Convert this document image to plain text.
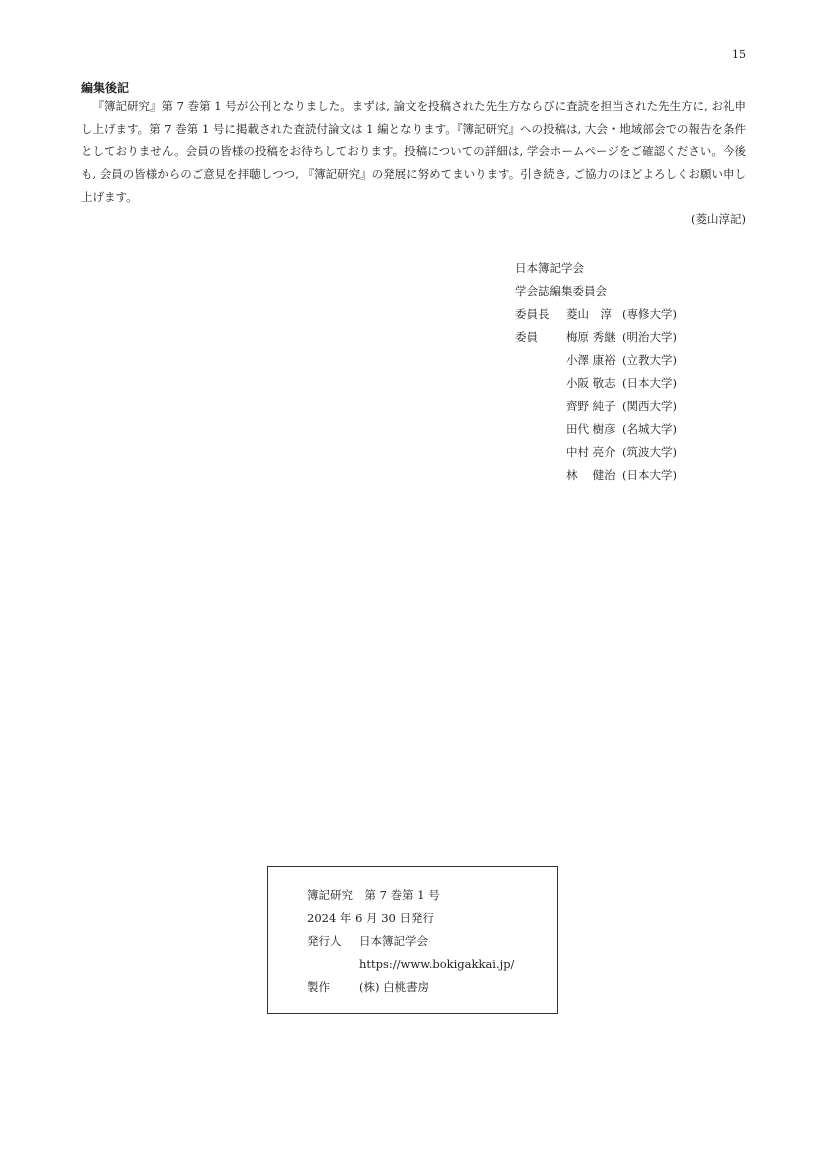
15
編集後記

『簿記研究』第 7 巻第 1 号が公刊となりました。まずは, 論文を投稿された先生方ならびに査読を担当された先生方に, お礼申し上げます。第 7 巻第 1 号に掲載された査読付論文は 1 編となります。『簿記研究』への投稿は, 大会・地域部会での報告を条件としておりません。会員の皆様の投稿をお待ちしております。投稿についての詳細は, 学会ホームページをご確認ください。今後も, 会員の皆様からのご意見を拝聴しつつ, 『簿記研究』の発展に努めてまいります。引き続き, ご協力のほどよろしくお願い申し上げます。

(菱山淳記)
日本簿記学会
学会誌編集委員会
委員長 菱山　淳 (専修大学)
委員 梅原 秀継 (明治大学)
小澤 康裕 (立教大学)
小阪 敬志 (日本大学)
齊野 純子 (関西大学)
田代 樹彦 (名城大学)
中村 亮介 (筑波大学)
林　 健治 (日本大学)
簿記研究　第 7 巻第 1 号
2024 年 6 月 30 日発行
発行人 日本簿記学会
https://www.bokigakkai.jp/
製作	(株) 白桃書房
